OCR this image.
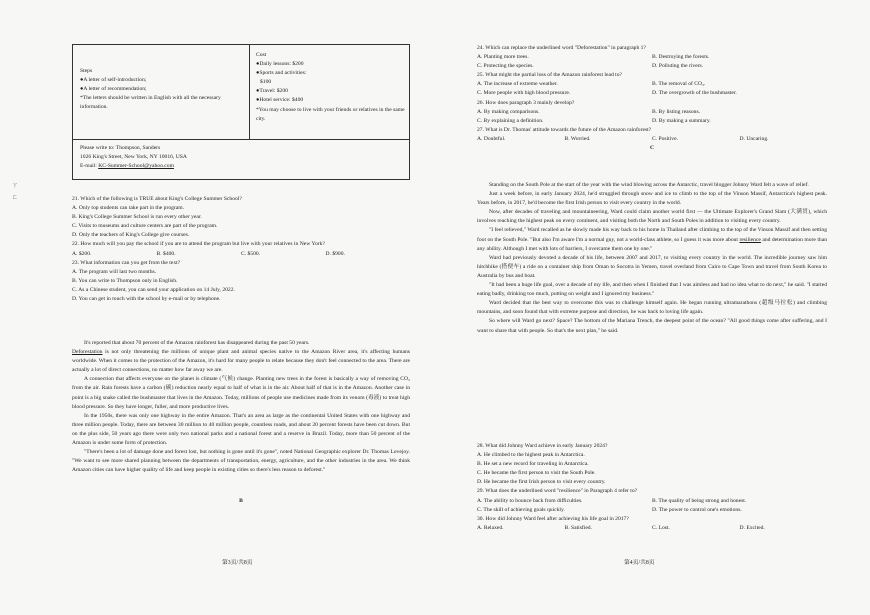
ㄚ
ㄈ
Steps
●A letter of self-introduction;
●A letter of recommendation;
*The letters should be written in English with all the necessary information.
Cost
●Daily lessons: $200
●Sports and activities:
$100
●Travel: $200
●Hotel service: $400
*You may choose to live with your friends or relatives in the same city.
Please write to: Thompson, Sanders
1026 King's Street, New York, NY 10016, USA
E-mail: KC-Summer-School@yahoo.com
21. Which of the following is TRUE about King's College Summer School?
A. Only top students can take part in the program.
B. King's College Summer School is run every other year.
C. Visits to museums and culture centers are part of the program.
D. Only the teachers of King's College give courses.
22. How much will you pay the school if you are to attend the program but live with your relatives in New York?
A. $200.	B. $400.	C. $500.	D. $900.
23. What information can you get from the text?
A. The program will last two months.
B. You can write to Thompson only in English.
C. As a Chinese student, you can send your application on 14 July, 2022.
D. You can get in touch with the school by e-mail or by telephone.
It's reported that about 70 percent of the Amazon rainforest has disappeared during the past 50 years.
Deforestation is not only threatening the millions of unique plant and animal species native to the Amazon River area, it's affecting humans worldwide. When it comes to the protection of the Amazon, it's hard for many people to relate because they don't feel connected to the area. There are actually a lot of direct connections, no matter how far away we are.
A connection that affects everyone on the planet is climate (气候) change. Planting new trees in the forest is basically a way of removing CO₂ from the air. Rain forests have a carbon (碳) reduction nearly equal to half of what is in the air. About half of that is in the Amazon. Another case in point is a big snake called the bushmaster that lives in the Amazon. Today, millions of people use medicines made from its venom (毒液) to treat high blood pressure. So they have longer, fuller, and more productive lives.
In the 1950s, there was only one highway in the entire Amazon. That's an area as large as the continental United States with one highway and three million people. Today, there are between 30 million to 40 million people, countless roads, and about 20 percent forests have been cut down. But on the plus side, 50 years ago there were only two national parks and a national forest and a reserve in Brazil. Today, more than 50 percent of the Amazon is under some form of protection.
"There's been a lot of damage done and forest lost, but nothing is gone until it's gone", noted National Geographic explorer Dr. Thomas Lovejoy. "We want to see more shared planning between the departments of transportation, energy, agriculture, and the other industries in the area. We think Amazon cities can have higher quality of life and keep people in existing cities so there's less reason to deforest."
B
24. Which can replace the underlined word "Deforestation" in paragraph 1?
A. Planting more trees.	B. Destroying the forests.
C. Protecting the species.	D. Polluting the rivers.
25. What might the partial loss of the Amazon rainforest lead to?
A. The increase of extreme weather.	B. The removal of CO₂.
C. More people with high blood pressure.	D. The overgrowth of the bushmaster.
26. How does paragraph 3 mainly develop?
A. By making comparisons.	B. By listing reasons.
C. By explaining a definition.	D. By making a summary.
27. What is Dr. Thomas' attitude towards the future of the Amazon rainforest?
A. Doubtful.	B. Worried.	C. Positive.	D. Uncaring.
C
Standing on the South Pole at the start of the year with the wind blowing across the Antarctic, travel blogger Johnny Ward felt a wave of relief.
Just a week before, in early January 2024, he'd struggled through snow and ice to climb to the top of the Vinson Massif, Antarctica's highest peak. Years before, in 2017, he'd become the first Irish person to visit every country in the world.
Now, after decades of traveling and mountaineering, Ward could claim another world first — the Ultimate Explorer's Grand Slam (大满贯), which involves reaching the highest peak on every continent, and visiting both the North and South Poles in addition to visiting every country.
"I feel relieved," Ward recalled as he slowly made his way back to his home in Thailand after climbing to the top of the Vinson Massif and then setting foot on the South Pole. "But also I'm aware I'm a normal guy, not a world-class athlete, so I guess it was more about resilience and determination more than any ability. Although I met with lots of barriers, I overcame them one by one."
Ward had previously devoted a decade of his life, between 2007 and 2017, to visiting every country in the world. The incredible journey saw him hitchhike (搭便车) a ride on a container ship from Oman to Socotra in Yemen, travel overland from Cairo to Cape Town and travel from South Korea to Australia by bus and boat.
"It had been a huge life goal, over a decade of my life, and then when I finished that I was aimless and had no idea what to do next," he said. "I started eating badly, drinking too much, putting on weight and I ignored my business."
Ward decided that the best way to overcome this was to challenge himself again. He began running ultramarathons (超级马拉松) and climbing mountains, and soon found that with extreme purpose and direction, he was back to loving life again.
So where will Ward go next? Space? The bottom of the Mariana Trench, the deepest point of the ocean? "All good things come after suffering, and I want to share that with people. So that's the next plan," he said.
28. What did Johnny Ward achieve in early January 2024?
A. He climbed to the highest peak in Antarctica.
B. He set a new record for traveling in Antarctica.
C. He became the first person to visit the South Pole.
D. He became the first Irish person to visit every country.
29. What does the underlined word "resilience" in Paragraph 4 refer to?
A. The ability to bounce back from difficulties.	B. The quality of being strong and honest.
C. The skill of achieving goals quickly.	D. The power to control one's emotions.
30. How did Johnny Ward feel after achieving his life goal in 2017?
A. Relaxed.	B. Satisfied.	C. Lost.	D. Excited.
第3页/共8页	第4页/共8页
